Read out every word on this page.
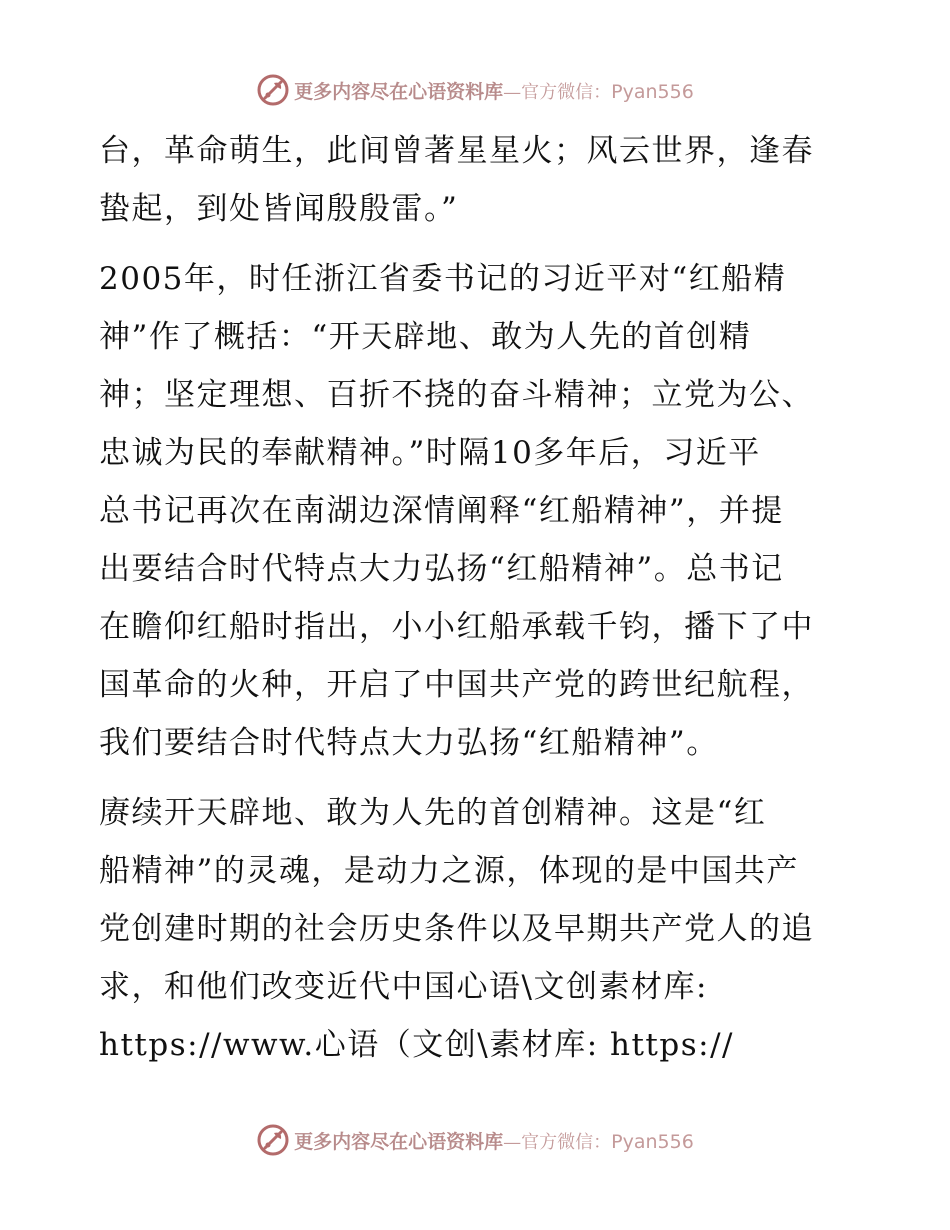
更多内容尽在心语资料库—官方微信：Pyan556

台，革命萌生，此间曾著星星火；风云世界，逢春

蛰起，到处皆闻殷殷雷。”

2005年，时任浙江省委书记的习近平对“红船精

神”作了概括：“开天辟地、敢为人先的首创精

神；坚定理想、百折不挠的奋斗精神；立党为公、

忠诚为民的奉献精神。”时隔10多年后，习近平

总书记再次在南湖边深情阐释“红船精神”，并提

出要结合时代特点大力弘扬“红船精神”。总书记

在瞻仰红船时指出，小小红船承载千钧，播下了中

国革命的火种，开启了中国共产党的跨世纪航程，

我们要结合时代特点大力弘扬“红船精神”。

赓续开天辟地、敢为人先的首创精神。这是“红

船精神”的灵魂，是动力之源，体现的是中国共产

党创建时期的社会历史条件以及早期共产党人的追

求，和他们改变近代中国心语\文创素材库:

https://www.心语（文创\素材库: https://

更多内容尽在心语资料库—官方微信：Pyan556
